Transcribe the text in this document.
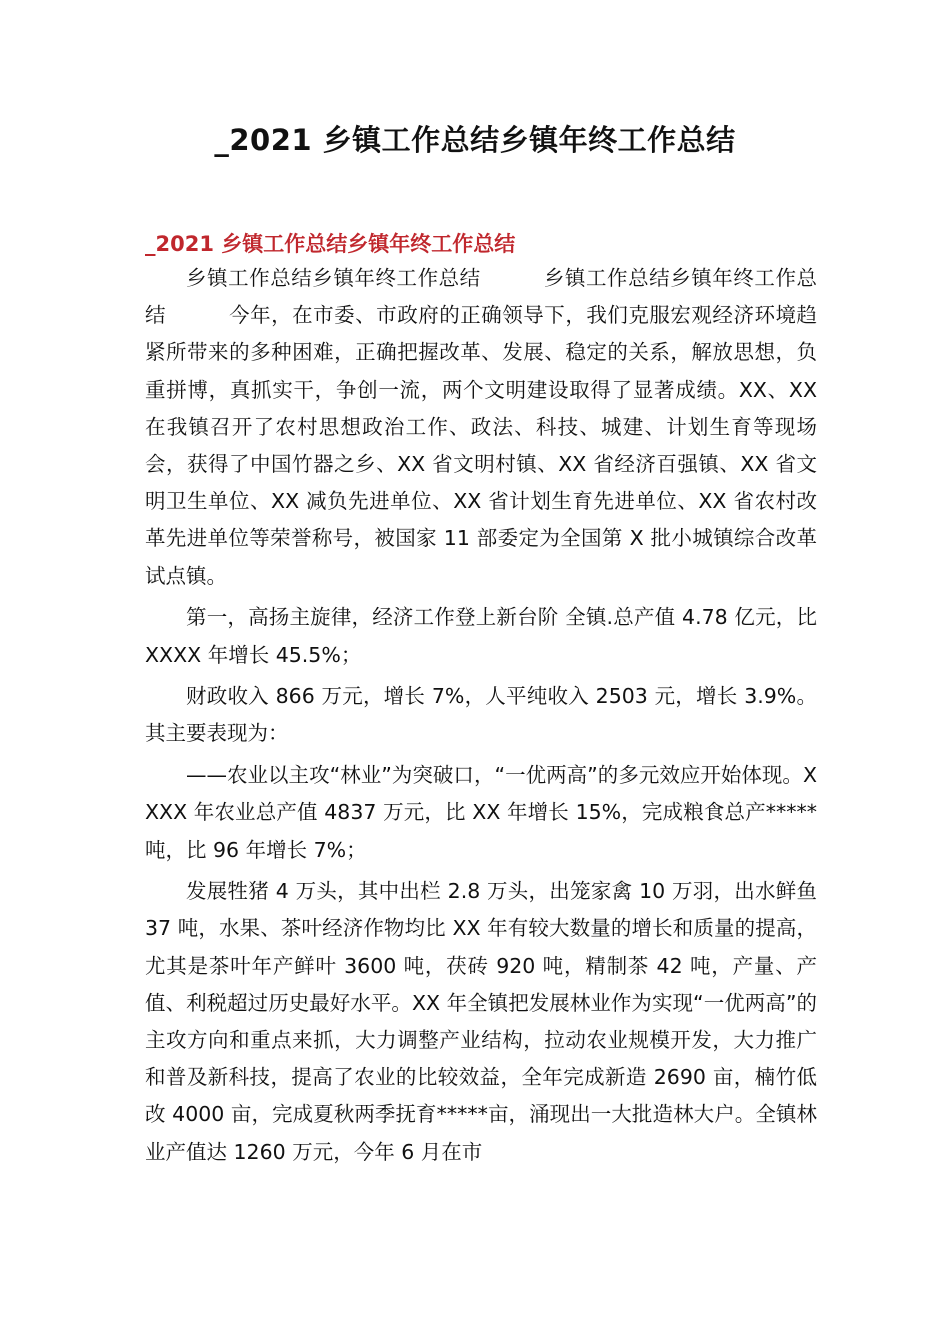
_2021 乡镇工作总结乡镇年终工作总结
_2021 乡镇工作总结乡镇年终工作总结

乡镇工作总结乡镇年终工作总结　　　乡镇工作总结乡镇年终工作总结　　　今年，在市委、市政府的正确领导下，我们克服宏观经济环境趋紧所带来的多种困难，正确把握改革、发展、稳定的关系，解放思想，负重拼博，真抓实干，争创一流，两个文明建设取得了显著成绩。XX、XX 在我镇召开了农村思想政治工作、政法、科技、城建、计划生育等现场会，获得了中国竹器之乡、XX 省文明村镇、XX 省经济百强镇、XX 省文明卫生单位、XX 减负先进单位、XX 省计划生育先进单位、XX 省农村改革先进单位等荣誉称号，被国家 11 部委定为全国第 X 批小城镇综合改革试点镇。

第一，高扬主旋律，经济工作登上新台阶 全镇.总产值 4.78 亿元，比 XXXX 年增长 45.5%；

财政收入 866 万元，增长 7%，人平纯收入 2503 元，增长 3.9%。其主要表现为：

——农业以主攻“林业”为突破口，“一优两高”的多元效应开始体现。XXXX 年农业总产值 4837 万元，比 XX 年增长 15%，完成粮食总产*****吨，比 96 年增长 7%；

发展牲猪 4 万头，其中出栏 2.8 万头，出笼家禽 10 万羽，出水鲜鱼 37 吨，水果、茶叶经济作物均比 XX 年有较大数量的增长和质量的提高，尤其是茶叶年产鲜叶 3600 吨，茯砖 920 吨，精制茶 42 吨，产量、产值、利税超过历史最好水平。XX 年全镇把发展林业作为实现“一优两高”的主攻方向和重点来抓，大力调整产业结构，拉动农业规模开发，大力推广和普及新科技，提高了农业的比较效益，全年完成新造 2690 亩，楠竹低改 4000 亩，完成夏秋两季抚育*****亩，涌现出一大批造林大户。全镇林业产值达 1260 万元，今年 6 月在市
